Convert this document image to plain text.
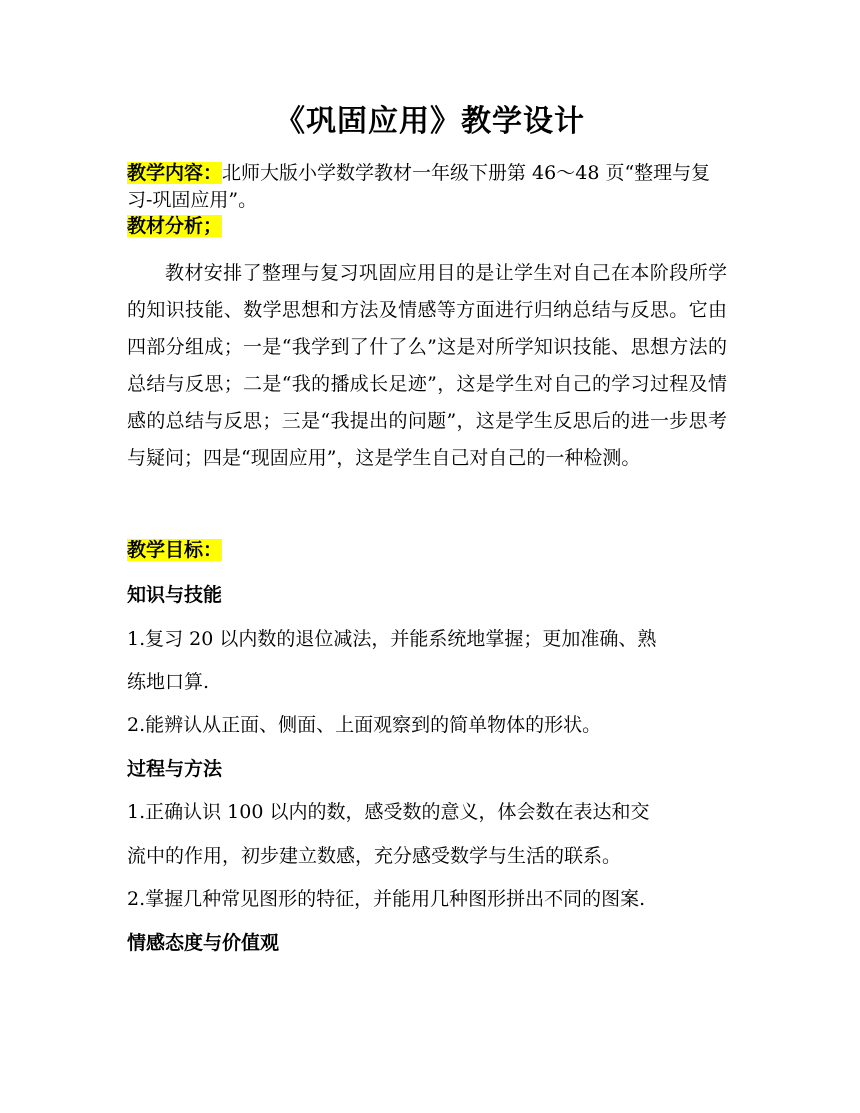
《巩固应用》教学设计
教学内容：北师大版小学数学教材一年级下册第 46～48 页“整理与复
习-巩固应用”。
教材分析；
教材安排了整理与复习巩固应用目的是让学生对自己在本阶段所学的知识技能、数学思想和方法及情感等方面进行归纳总结与反思。它由四部分组成；一是“我学到了什了么”这是对所学知识技能、思想方法的总结与反思；二是“我的播成长足迹”，这是学生对自己的学习过程及情感的总结与反思；三是“我提出的问题”，这是学生反思后的进一步思考与疑问；四是“现固应用”，这是学生自己对自己的一种检测。
教学目标：
知识与技能
1.复习 20 以内数的退位减法，并能系统地掌握；更加准确、熟
练地口算.
2.能辨认从正面、侧面、上面观察到的简单物体的形状。
过程与方法
1.正确认识 100 以内的数，感受数的意义，体会数在表达和交
流中的作用，初步建立数感，充分感受数学与生活的联系。
2.掌握几种常见图形的特征，并能用几种图形拼出不同的图案.
情感态度与价值观
